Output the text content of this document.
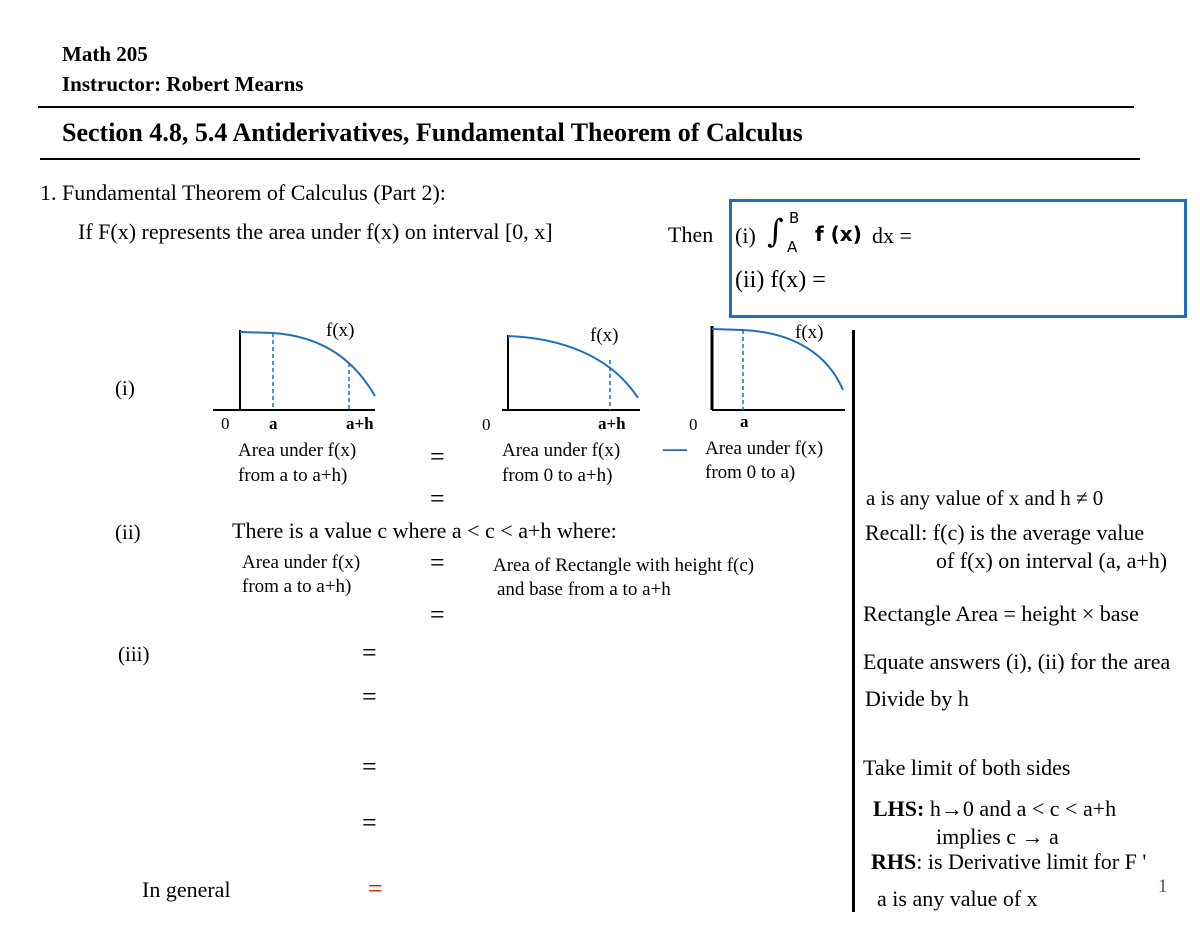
Math 205
Instructor: Robert Mearns
Section 4.8, 5.4 Antiderivatives, Fundamental Theorem of Calculus
1. Fundamental Theorem of Calculus (Part 2):
If F(x) represents the area under f(x) on interval [0, x]	Then (i) ∫ B
A
f (x) dx =
(ii) f(x) =
f(x)
0 a	a+h
f(x)
0	a+h
f(x)
0	a
(i)
Area under f(x)
from a to a+h)
=	Area under f(x)
from 0 to a+h)
— Area under f(x)
from 0 to a)
=
(ii)	There is a value c where a < c < a+h where:
Area under f(x)
from a to a+h)
=	Area of Rectangle with height f(c)
and base from a to a+h
=
(iii)	=
=
=
=
In general	=
a is any value of x and h ≠ 0
Recall: f(c) is the average value
of f(x) on interval (a, a+h)
Rectangle Area = height × base
Equate answers (i), (ii) for the area
Divide by h
Take limit of both sides
LHS: h→0 and a < c < a+h
implies c → a
RHS: is Derivative limit for F '
a is any value of x	1
